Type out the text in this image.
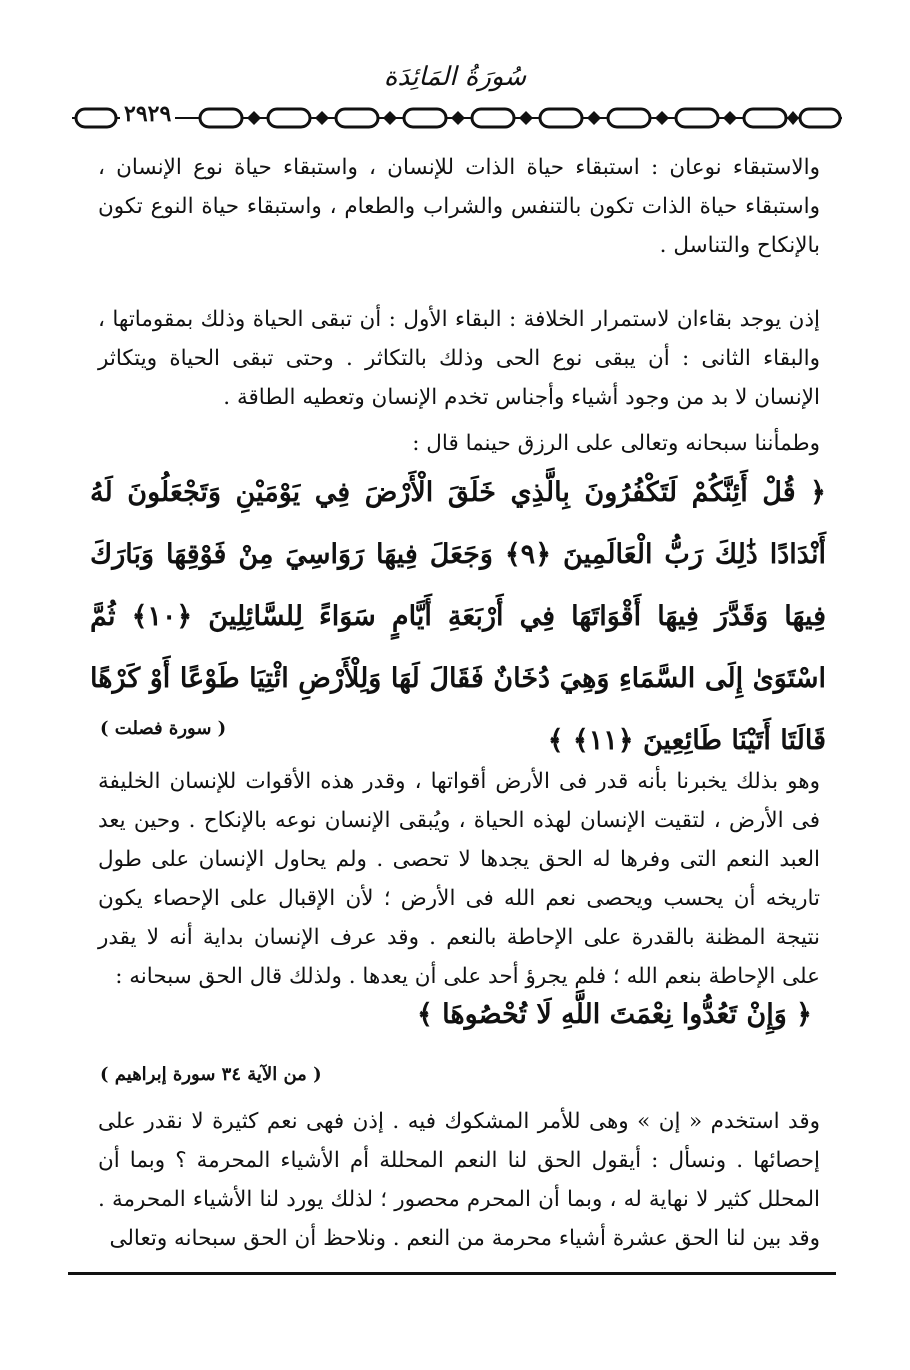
سُورَةُ المَائِدَة
٢٩٢٩
والاستبقاء نوعان : استبقاء حياة الذات للإنسان ، واستبقاء حياة نوع الإنسان ، واستبقاء حياة الذات تكون بالتنفس والشراب والطعام ، واستبقاء حياة النوع تكون بالإنكاح والتناسل .
إذن يوجد بقاءان لاستمرار الخلافة : البقاء الأول : أن تبقى الحياة وذلك بمقوماتها ، والبقاء الثانى : أن يبقى نوع الحى وذلك بالتكاثر . وحتى تبقى الحياة ويتكاثر الإنسان لا بد من وجود أشياء وأجناس تخدم الإنسان وتعطيه الطاقة .
وطمأننا سبحانه وتعالى على الرزق حينما قال :
﴿ قُلْ أَئِنَّكُمْ لَتَكْفُرُونَ بِالَّذِي خَلَقَ الْأَرْضَ فِي يَوْمَيْنِ وَتَجْعَلُونَ لَهُ أَنْدَادًا ذَٰلِكَ رَبُّ الْعَالَمِينَ ﴿٩﴾ وَجَعَلَ فِيهَا رَوَاسِيَ مِنْ فَوْقِهَا وَبَارَكَ فِيهَا وَقَدَّرَ فِيهَا أَقْوَاتَهَا فِي أَرْبَعَةِ أَيَّامٍ سَوَاءً لِلسَّائِلِينَ ﴿١٠﴾ ثُمَّ اسْتَوَىٰ إِلَى السَّمَاءِ وَهِيَ دُخَانٌ فَقَالَ لَهَا وَلِلْأَرْضِ ائْتِيَا طَوْعًا أَوْ كَرْهًا قَالَتَا أَتَيْنَا طَائِعِينَ ﴿١١﴾ ﴾
( سورة فصلت )
وهو بذلك يخبرنا بأنه قدر فى الأرض أقواتها ، وقدر هذه الأقوات للإنسان الخليفة فى الأرض ، لتقيت الإنسان لهذه الحياة ، ويُبقى الإنسان نوعه بالإنكاح . وحين يعد العبد النعم التى وفرها له الحق يجدها لا تحصى . ولم يحاول الإنسان على طول تاريخه أن يحسب ويحصى نعم الله فى الأرض ؛ لأن الإقبال على الإحصاء يكون نتيجة المظنة بالقدرة على الإحاطة بالنعم . وقد عرف الإنسان بداية أنه لا يقدر على الإحاطة بنعم الله ؛ فلم يجرؤ أحد على أن يعدها . ولذلك قال الحق سبحانه :
﴿ وَإِنْ تَعُدُّوا نِعْمَتَ اللَّهِ لَا تُحْصُوهَا ﴾
( من الآية ٣٤ سورة إبراهيم )
وقد استخدم « إن » وهى للأمر المشكوك فيه . إذن فهى نعم كثيرة لا نقدر على إحصائها . ونسأل : أيقول الحق لنا النعم المحللة أم الأشياء المحرمة ؟ وبما أن المحلل كثير لا نهاية له ، وبما أن المحرم محصور ؛ لذلك يورد لنا الأشياء المحرمة . وقد بين لنا الحق عشرة أشياء محرمة من النعم . ونلاحظ أن الحق سبحانه وتعالى
